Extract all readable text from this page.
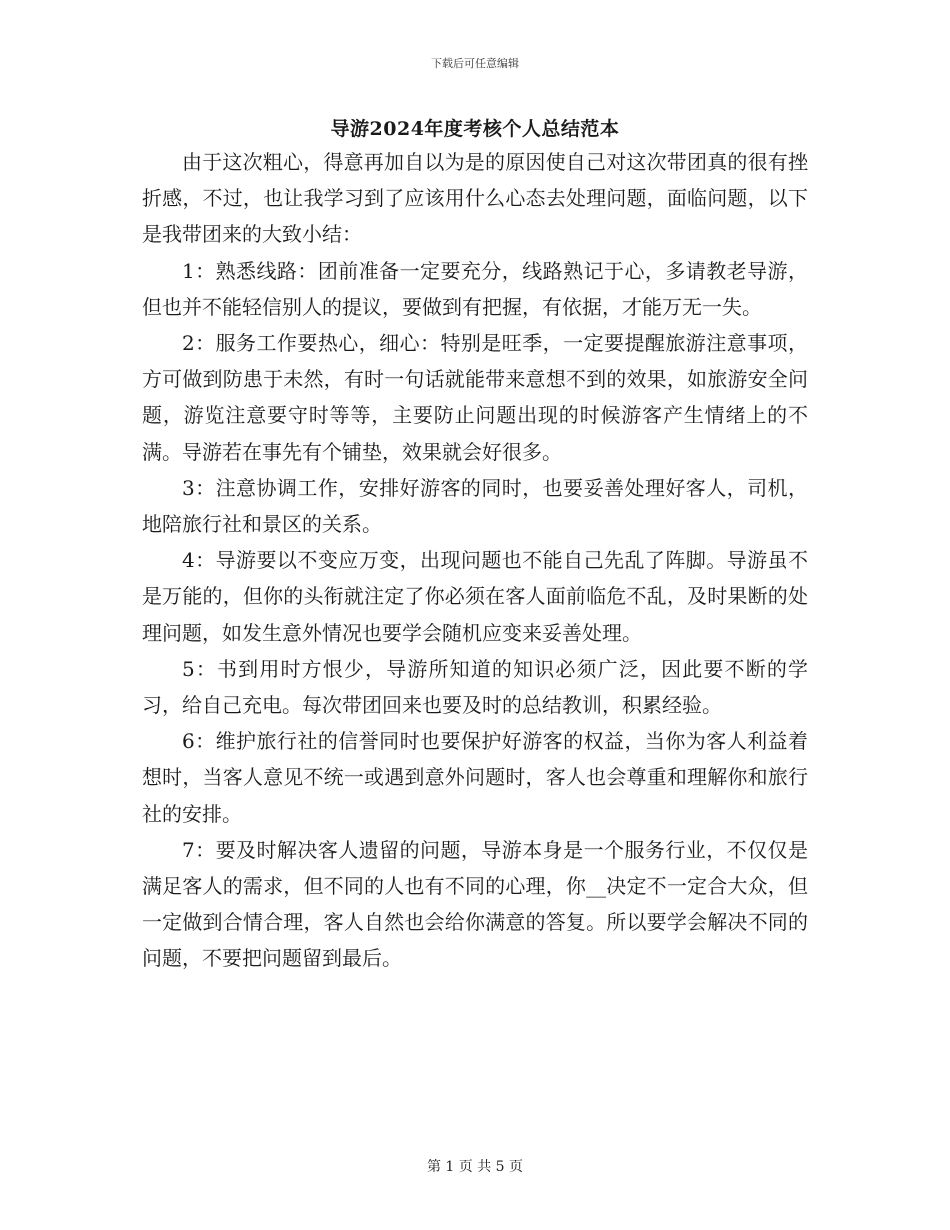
下载后可任意编辑
导游2024年度考核个人总结范本

由于这次粗心，得意再加自以为是的原因使自己对这次带团真的很有挫折感，不过，也让我学习到了应该用什么心态去处理问题，面临问题，以下是我带团来的大致小结：

1：熟悉线路：团前准备一定要充分，线路熟记于心，多请教老导游，但也并不能轻信别人的提议，要做到有把握，有依据，才能万无一失。

2：服务工作要热心，细心：特别是旺季，一定要提醒旅游注意事项，方可做到防患于未然，有时一句话就能带来意想不到的效果，如旅游安全问题，游览注意要守时等等，主要防止问题出现的时候游客产生情绪上的不满。导游若在事先有个铺垫，效果就会好很多。

3：注意协调工作，安排好游客的同时，也要妥善处理好客人，司机，地陪旅行社和景区的关系。

4：导游要以不变应万变，出现问题也不能自己先乱了阵脚。导游虽不是万能的，但你的头衔就注定了你必须在客人面前临危不乱，及时果断的处理问题，如发生意外情况也要学会随机应变来妥善处理。

5：书到用时方恨少，导游所知道的知识必须广泛，因此要不断的学习，给自己充电。每次带团回来也要及时的总结教训，积累经验。

6：维护旅行社的信誉同时也要保护好游客的权益，当你为客人利益着想时，当客人意见不统一或遇到意外问题时，客人也会尊重和理解你和旅行社的安排。

7：要及时解决客人遗留的问题，导游本身是一个服务行业，不仅仅是满足客人的需求，但不同的人也有不同的心理，你__决定不一定合大众，但一定做到合情合理，客人自然也会给你满意的答复。所以要学会解决不同的问题，不要把问题留到最后。

第 1 页 共 5 页
